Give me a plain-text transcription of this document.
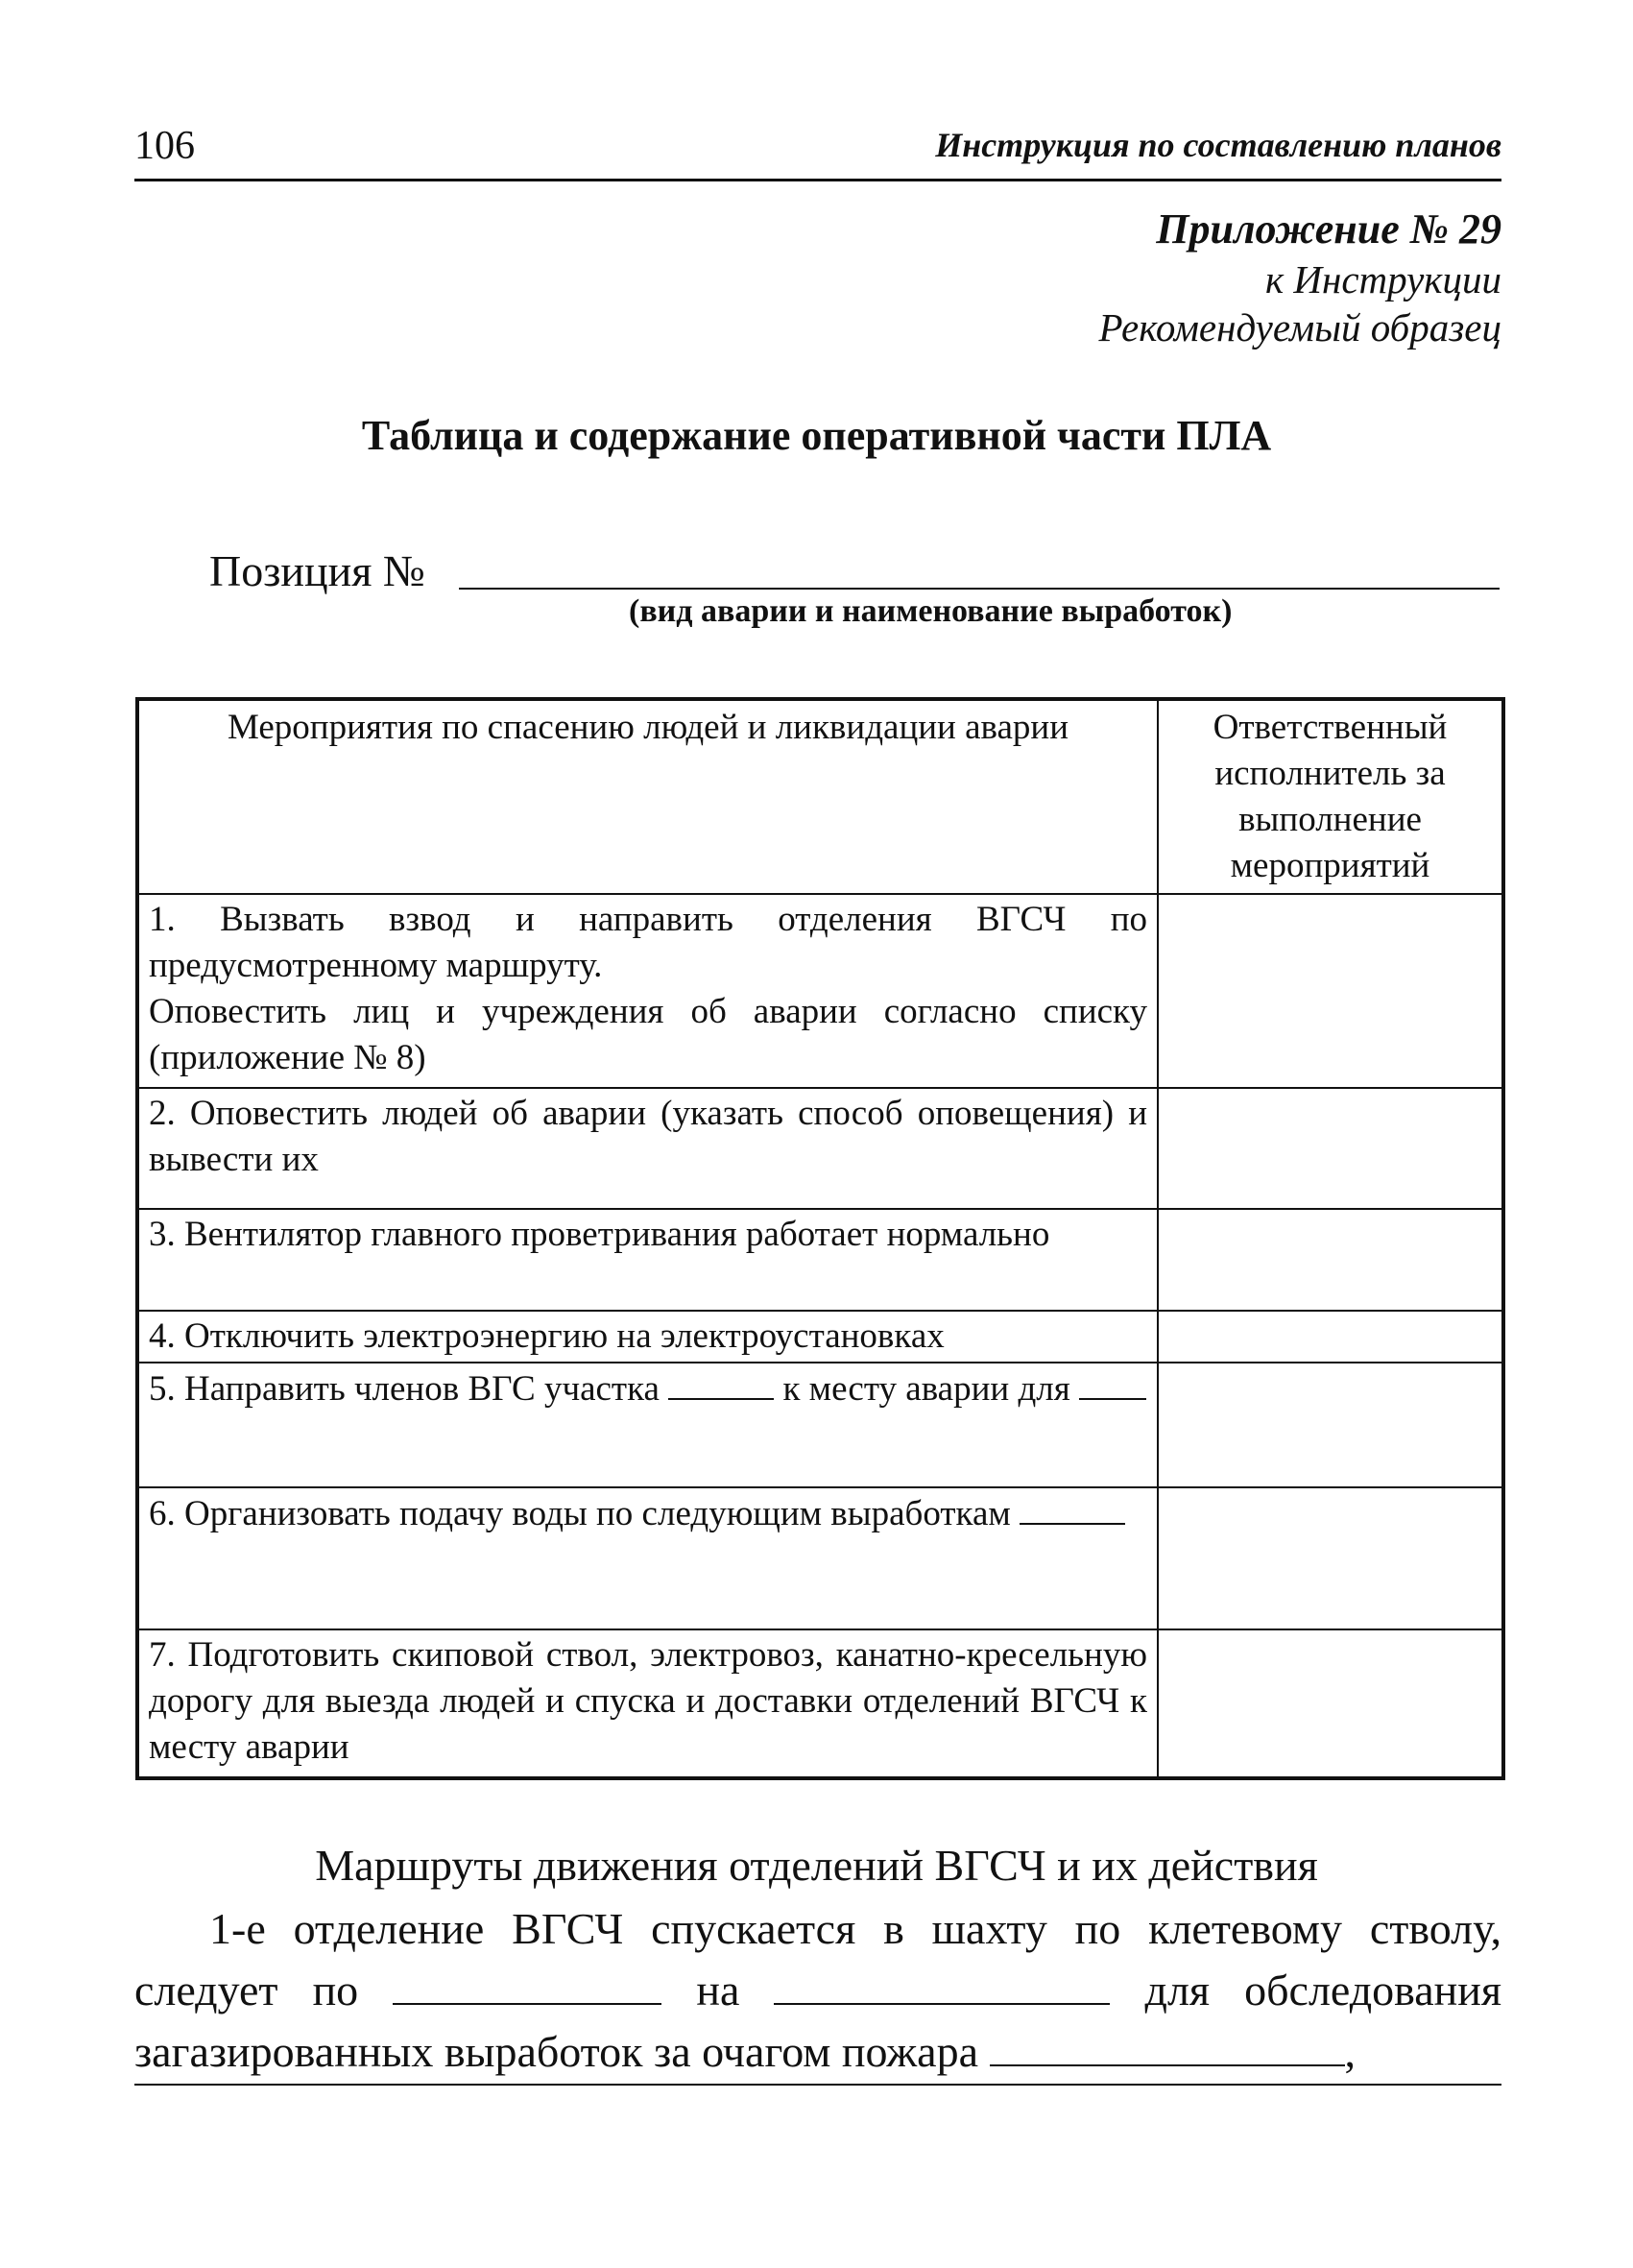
106	Инструкция по составлению планов
Приложение № 29
к Инструкции
Рекомендуемый образец
Таблица и содержание оперативной части ПЛА
Позиция №
(вид аварии и наименование выработок)
Мероприятия по спасению людей и ликвидации аварии	Ответственный исполнитель за выполнение мероприятий

1. Вызвать взвод и направить отделения ВГСЧ по предусмотренному маршруту.
Оповестить лиц и учреждения об аварии согласно списку (приложение № 8)	

2. Оповестить людей об аварии (указать способ оповещения) и вывести их	
3. Вентилятор главного проветривания работает нормально	
4. Отключить электроэнергию на электроустановках	
5. Направить членов ВГС участка к месту аварии для	
6. Организовать подачу воды по следующим выработкам	
7. Подготовить скиповой ствол, электровоз, канатно-кресельную дорогу для выезда людей и спуска и доставки отделений ВГСЧ к месту аварии	
Маршруты движения отделений ВГСЧ и их действия
1-е отделение ВГСЧ спускается в шахту по клетевому стволу, следует по	на	для обследования загазированных выработок за очагом пожара	,
